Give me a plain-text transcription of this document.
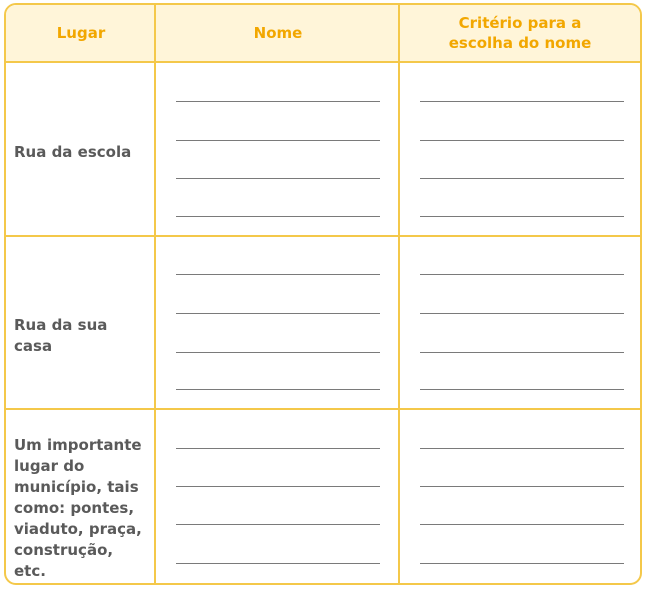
Lugar	Nome
Critério para a
escolha do nome
Rua da escola
Rua da sua casa
Um importante
lugar do
município, tais
como: pontes,
viaduto, praça,
construção, etc.
